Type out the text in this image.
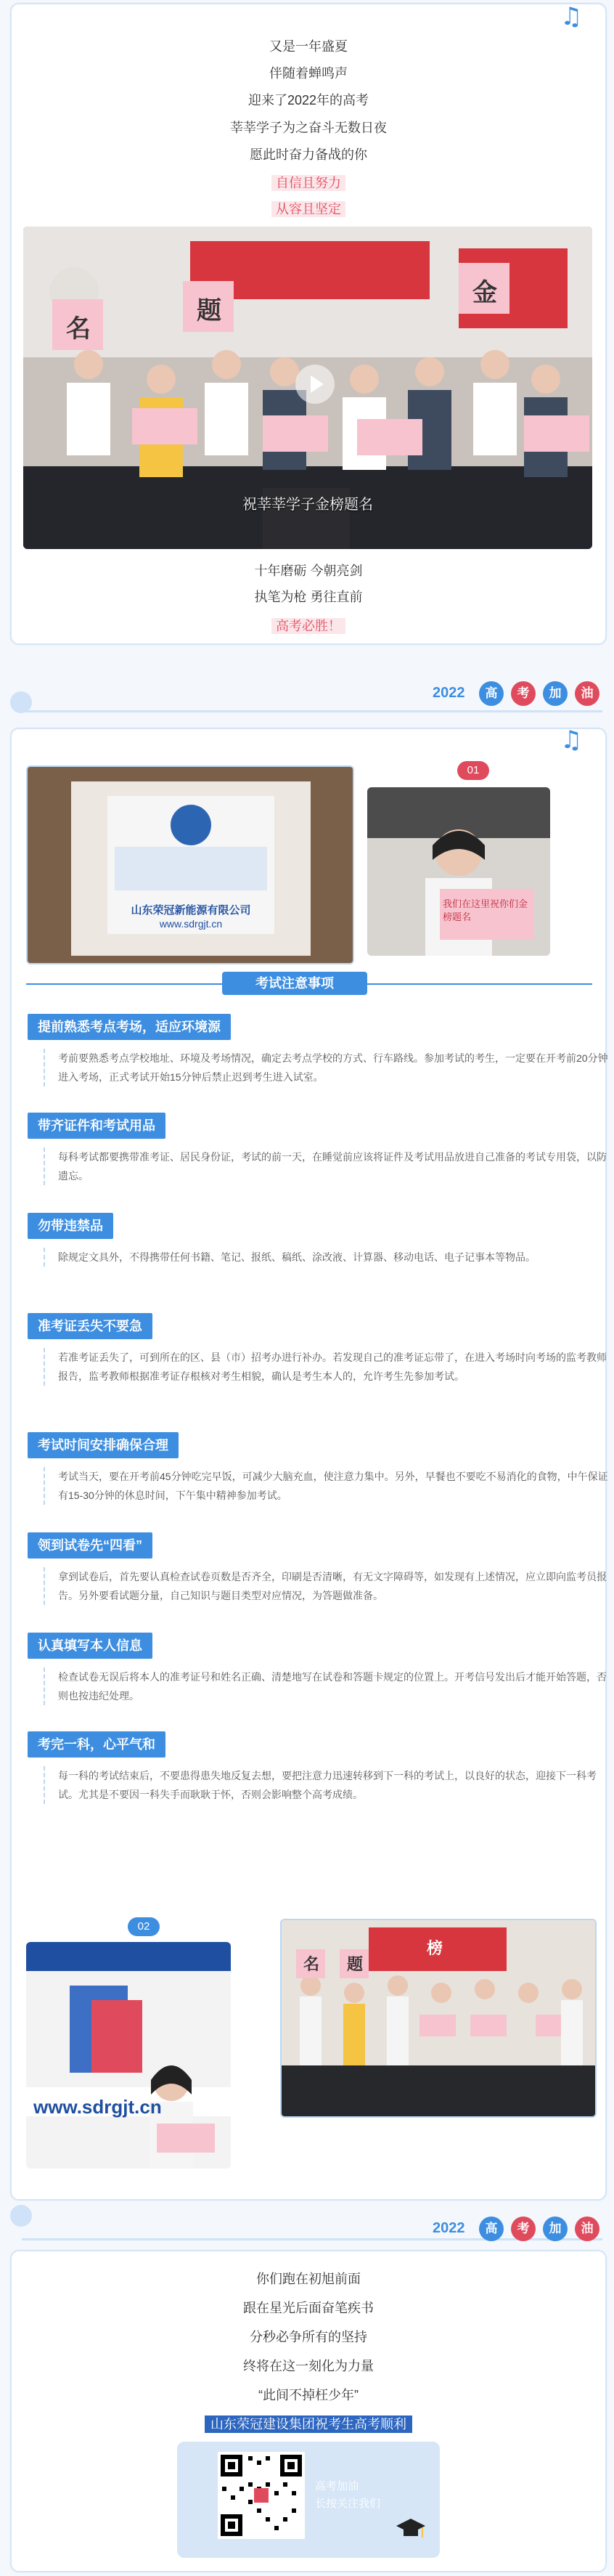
♫
又是一年盛夏
伴随着蝉鸣声
迎来了2022年的高考
莘莘学子为之奋斗无数日夜
愿此时奋力备战的你
自信且努力
从容且坚定
名
题
金
祝莘莘学子金榜题名
十年磨砺 今朝亮剑
执笔为枪 勇往直前
高考必胜！
2022	高	考	加	油
♫
山东荣冠新能源有限公司
www.sdrgjt.cn
01
我们在这里祝你们金榜题名
考试注意事项
提前熟悉考点考场，适应环境源
考前要熟悉考点学校地址、环境及考场情况，确定去考点学校的方式、行车路线。参加考试的考生，一定要在开考前20分钟进入考场，正式考试开始15分钟后禁止迟到考生进入试室。
带齐证件和考试用品
每科考试都要携带准考证、居民身份证，考试的前一天，在睡觉前应该将证件及考试用品放进自己准备的考试专用袋，以防遗忘。
勿带违禁品
除规定文具外，不得携带任何书籍、笔记、报纸、稿纸、涂改液、计算器、移动电话、电子记事本等物品。
准考证丢失不要急
若准考证丢失了，可到所在的区、县（市）招考办进行补办。若发现自己的准考证忘带了，在进入考场时向考场的监考教师报告，监考教师根据准考证存根核对考生相貌，确认是考生本人的，允许考生先参加考试。
考试时间安排确保合理
考试当天，要在开考前45分钟吃完早饭，可减少大脑充血，使注意力集中。另外，早餐也不要吃不易消化的食物，中午保证有15-30分钟的休息时间，下午集中精神参加考试。
领到试卷先“四看”
拿到试卷后，首先要认真检查试卷页数是否齐全，印刷是否清晰，有无文字障碍等，如发现有上述情况，应立即向监考员报告。另外要看试题分量，自己知识与题目类型对应情况，为答题做准备。
认真填写本人信息
检查试卷无误后将本人的准考证号和姓名正确、清楚地写在试卷和答题卡规定的位置上。开考信号发出后才能开始答题，否则也按违纪处理。
考完一科，心平气和
每一科的考试结束后，不要患得患失地反复去想，要把注意力迅速转移到下一科的考试上，以良好的状态，迎接下一科考试。尤其是不要因一科失手而耿耿于怀，否则会影响整个高考成绩。
02
www.sdrgjt.cn
名 题
榜
2022	高	考	加	油
你们跑在初旭前面
跟在星光后面奋笔疾书
分秒必争所有的坚持
终将在这一刻化为力量
“此间不掉枉少年”
山东荣冠建设集团祝考生高考顺利
高考加油
长按关注我们
